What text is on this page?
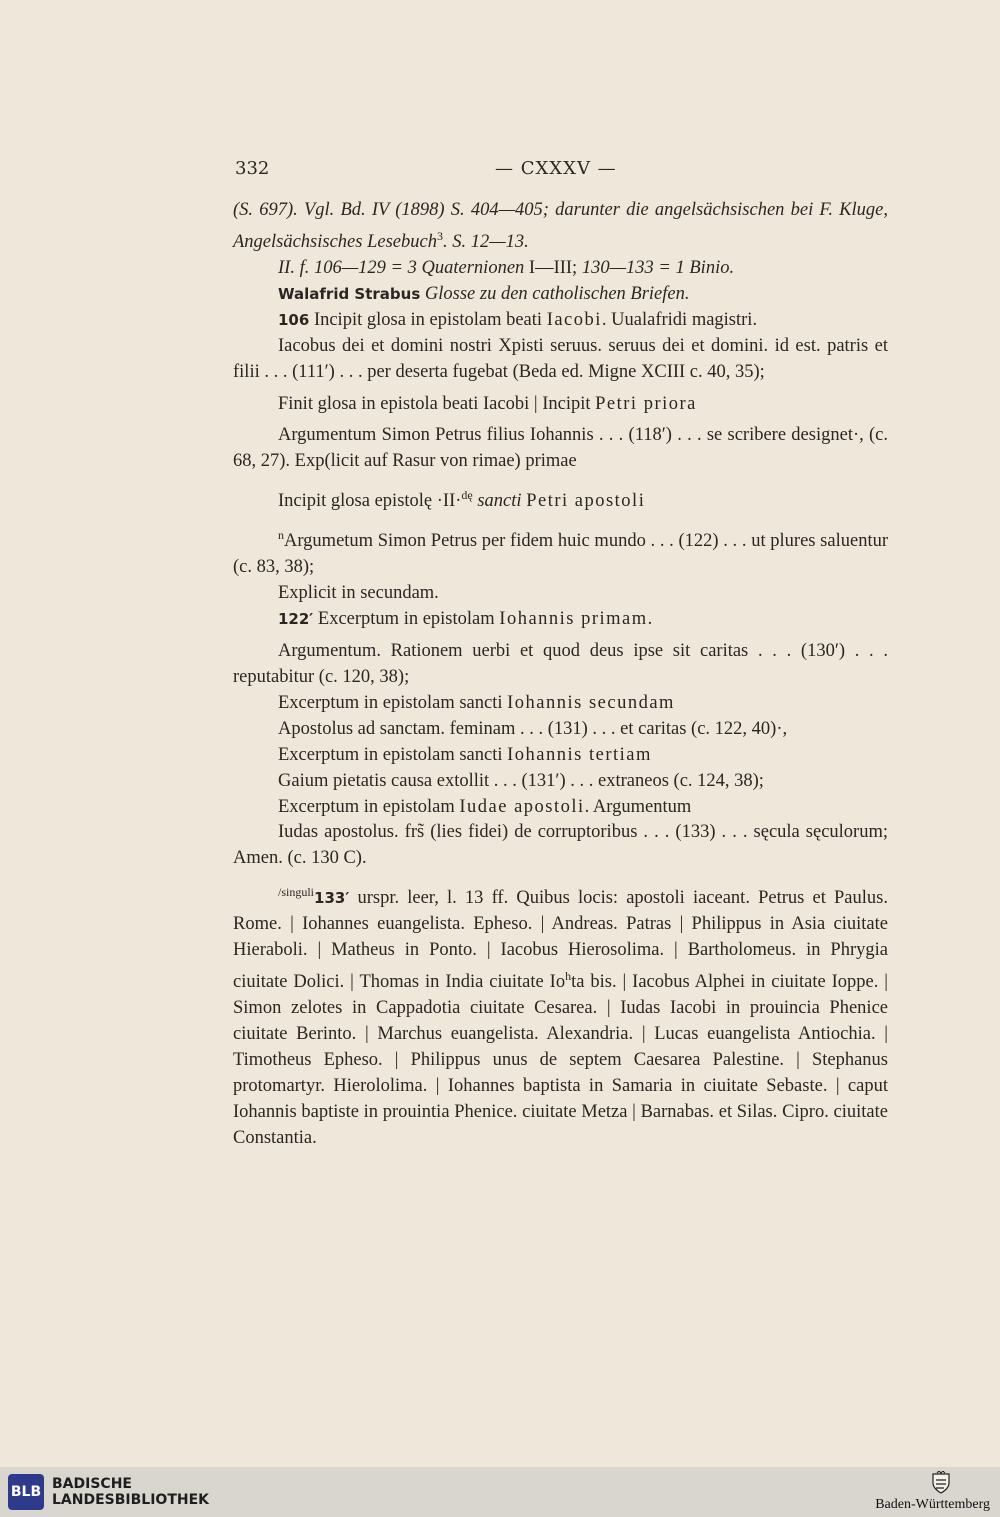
332	— CXXXV —

(S. 697). Vgl. Bd. IV (1898) S. 404—405; darunter die angelsächsischen bei F. Kluge, Angelsächsisches Lesebuch$^3$. S. 12—13.

II. f. 106—129 = 3 Quaternionen I—III; 130—133 = 1 Binio.

Walafrid Strabus Glosse zu den catholischen Briefen.

106 Incipit glosa in epistolam beati Iacobi. Uualafridi magistri.

Iacobus dei et domini nostri Xpisti seruus. seruus dei et domini. id est. patris et filii . . . (111′) . . . per deserta fugebat (Beda ed. Migne XCIII c. 40, 35);

Finit glosa in epistola beati Iacobi | Incipit Petri priora

Argumentum Simon Petrus filius Iohannis . . . (118′) . . . se scribere designet·, (c. 68, 27). Exp(licit auf Rasur von rimae) primae

Incipit glosa epistolę ·II·$^{dę}$ sancti Petri apostoli

$^n$Argumetum Simon Petrus per fidem huic mundo . . . (122) . . . ut plures saluentur (c. 83, 38);

Explicit in secundam.

122′ Excerptum in epistolam Iohannis primam.

Argumentum. Rationem uerbi et quod deus ipse sit caritas . . . (130′) . . . reputabitur (c. 120, 38);

Excerptum in epistolam sancti Iohannis secundam

Apostolus ad sanctam. feminam . . . (131) . . . et caritas (c. 122, 40)·,

Excerptum in epistolam sancti Iohannis tertiam

Gaium pietatis causa extollit . . . (131′) . . . extraneos (c. 124, 38);

Excerptum in epistolam Iudae apostoli. Argumentum

Iudas apostolus. frs̃ (lies fidei) de corruptoribus . . . (133) . . . sęcula sęculorum; Amen. (c. 130 C).

$^{/singuli}$133′ urspr. leer, l. 13 ff. Quibus locis: apostoli iaceant. Petrus et Paulus. Rome. | Iohannes euangelista. Epheso. | Andreas. Patras | Philippus in Asia ciuitate Hieraboli. | Matheus in Ponto. | Iacobus Hierosolima. | Bartholomeus. in Phrygia ciuitate Dolici. | Thomas in India ciuitate Io$^h$ta bis. | Iacobus Alphei in ciuitate Ioppe. | Simon zelotes in Cappadotia ciuitate Cesarea. | Iudas Iacobi in prouincia Phenice ciuitate Berinto. | Marchus euangelista. Alexandria. | Lucas euangelista Antiochia. | Timotheus Epheso. | Philippus unus de septem Caesarea Palestine. | Stephanus protomartyr. Hierololima. | Iohannes baptista in Samaria in ciuitate Sebaste. | caput Iohannis baptiste in prouintia Phenice. ciuitate Metza | Barnabas. et Silas. Cipro. ciuitate Constantia.

BLB BADISCHE
LANDESBIBLIOTHEK	Baden-Württemberg
